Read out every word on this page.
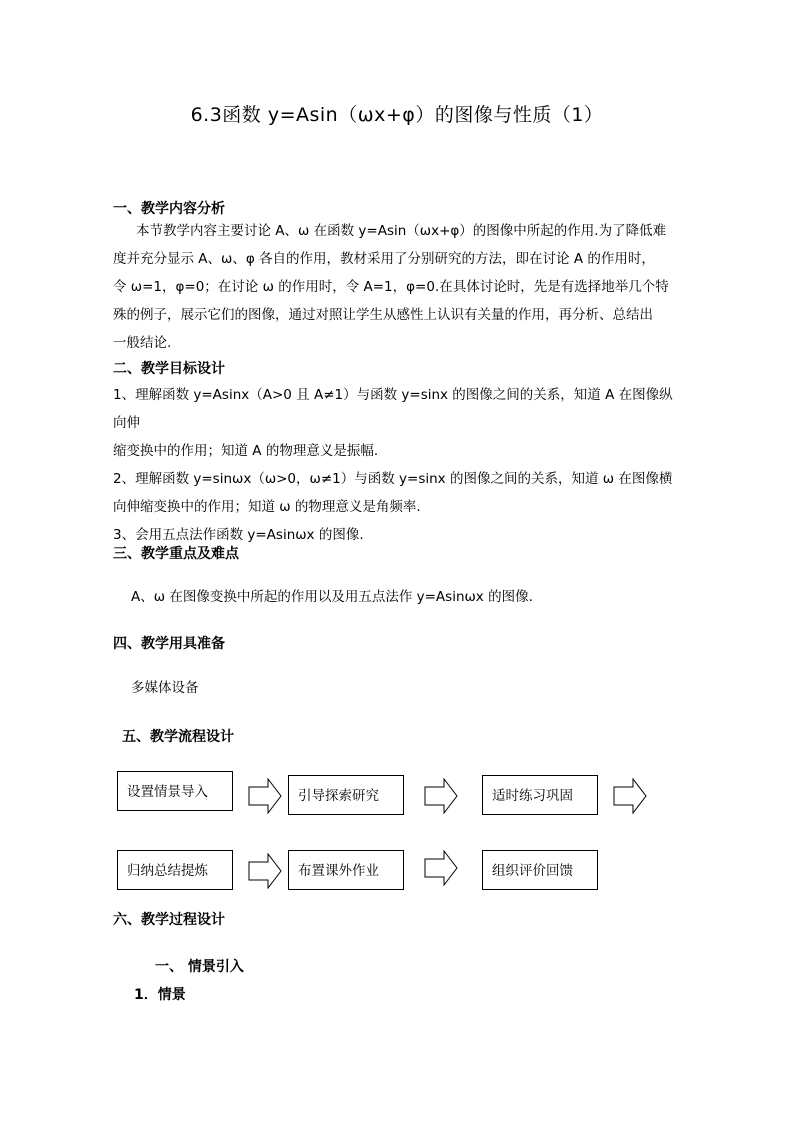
6.3函数 y=Asin（ωx+φ）的图像与性质（1）
一、教学内容分析
本节教学内容主要讨论 A、ω 在函数 y=Asin（ωx+φ）的图像中所起的作用.为了降低难
度并充分显示 A、ω、φ 各自的作用，教材采用了分别研究的方法，即在讨论 A 的作用时，
令 ω=1，φ=0；在讨论 ω 的作用时，令 A=1，φ=0.在具体讨论时，先是有选择地举几个特
殊的例子，展示它们的图像，通过对照让学生从感性上认识有关量的作用，再分析、总结出
一般结论.
二、教学目标设计
1、理解函数 y=Asinx（A>0 且 A≠1）与函数 y=sinx 的图像之间的关系，知道 A 在图像纵向伸
缩变换中的作用；知道 A 的物理意义是振幅.
2、理解函数 y=sinωx（ω>0，ω≠1）与函数 y=sinx 的图像之间的关系，知道 ω 在图像横
向伸缩变换中的作用；知道 ω 的物理意义是角频率.
3、会用五点法作函数 y=Asinωx 的图像.
三、教学重点及难点
A、ω 在图像变换中所起的作用以及用五点法作 y=Asinωx 的图像.
四、教学用具准备
多媒体设备
五、教学流程设计
设置情景导入	引导探索研究	适时练习巩固
归纳总结提炼	布置课外作业	组织评价回馈
六、教学过程设计
一、 情景引入
1．情景
